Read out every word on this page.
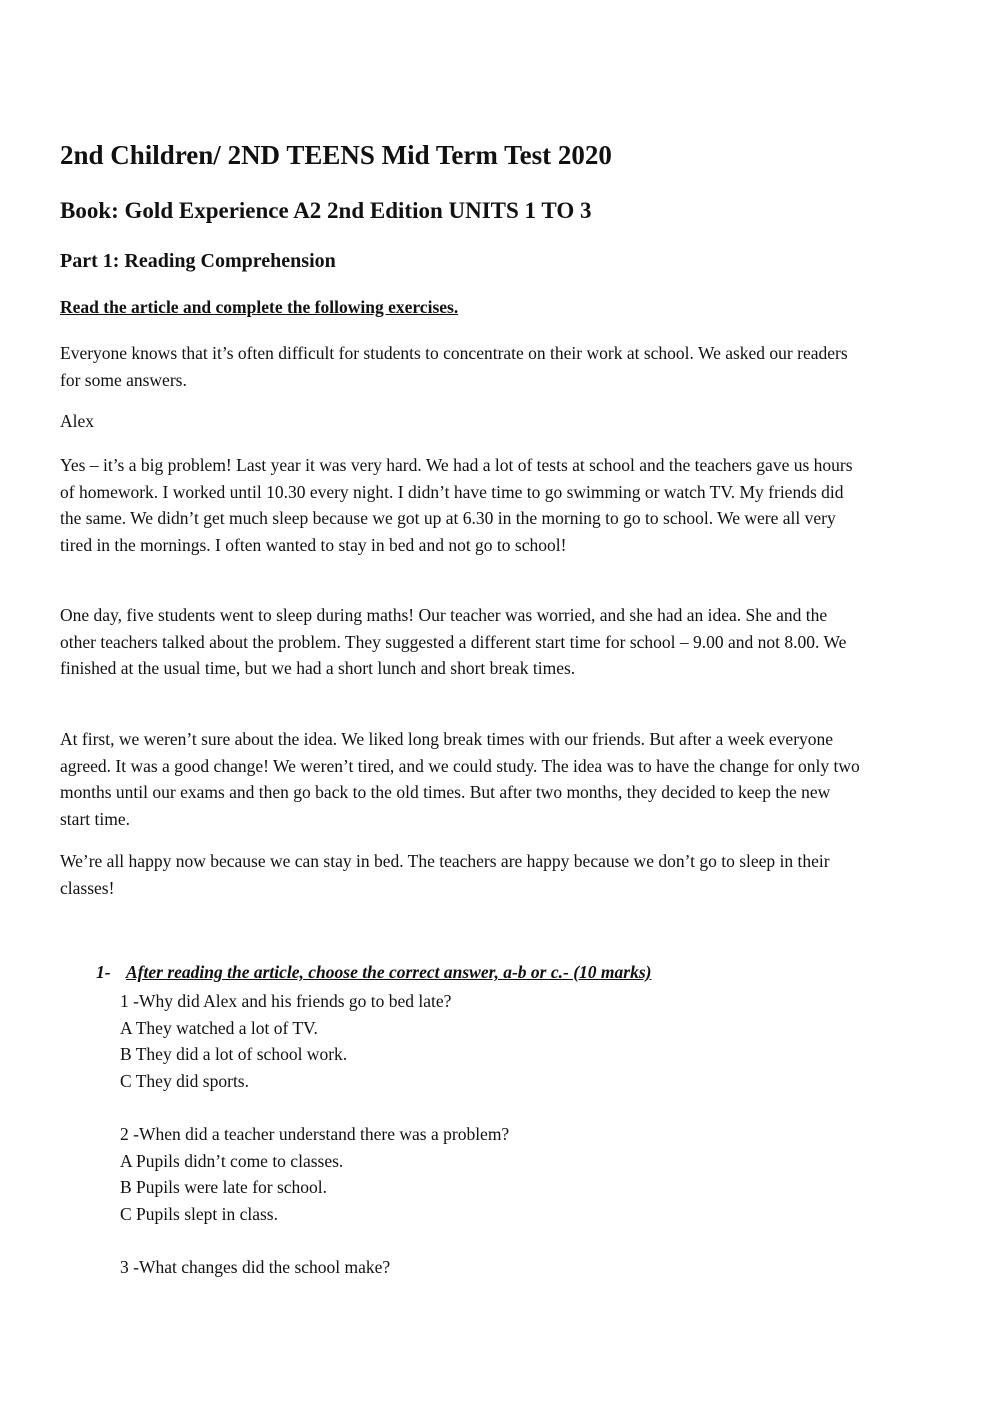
2nd Children/ 2ND TEENS Mid Term Test 2020
Book: Gold Experience A2 2nd Edition UNITS 1 TO 3
Part 1: Reading Comprehension

Read the article and complete the following exercises.

Everyone knows that it’s often difficult for students to concentrate on their work at school. We asked our readers for some answers.

Alex

Yes – it’s a big problem! Last year it was very hard. We had a lot of tests at school and the teachers gave us hours of homework. I worked until 10.30 every night. I didn’t have time to go swimming or watch TV. My friends did the same. We didn’t get much sleep because we got up at 6.30 in the morning to go to school. We were all very tired in the mornings. I often wanted to stay in bed and not go to school!

One day, five students went to sleep during maths! Our teacher was worried, and she had an idea. She and the other teachers talked about the problem. They suggested a different start time for school – 9.00 and not 8.00. We finished at the usual time, but we had a short lunch and short break times.

At first, we weren’t sure about the idea. We liked long break times with our friends. But after a week everyone agreed. It was a good change! We weren’t tired, and we could study. The idea was to have the change for only two months until our exams and then go back to the old times. But after two months, they decided to keep the new start time.

We’re all happy now because we can stay in bed. The teachers are happy because we don’t go to sleep in their classes!

1- After reading the article, choose the correct answer, a-b or c.- (10 marks)
1 -Why did Alex and his friends go to bed late?
A They watched a lot of TV.
B They did a lot of school work.
C They did sports.
2 -When did a teacher understand there was a problem?
A Pupils didn’t come to classes.
B Pupils were late for school.
C Pupils slept in class.
3 -What changes did the school make?
